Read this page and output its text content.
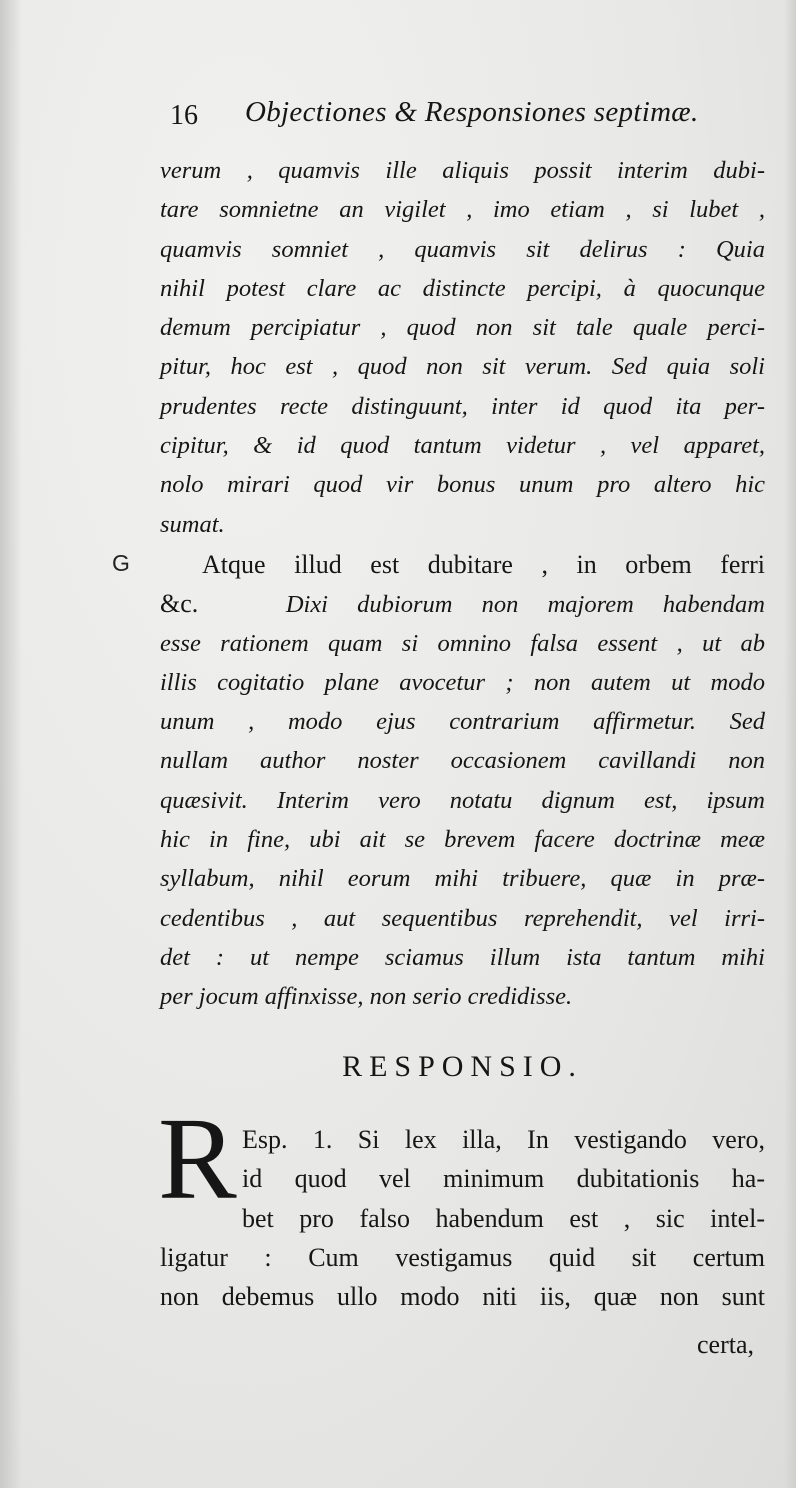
16 Objectiones & Responsiones septimæ.
verum , quamvis ille aliquis possit interim dubi-
tare somnietne an vigilet , imo etiam , si lubet ,
quamvis somniet , quamvis sit delirus : Quia
nihil potest clare ac distincte percipi, à quocunque
demum percipiatur , quod non sit tale quale perci-
pitur, hoc est , quod non sit verum. Sed quia soli
prudentes recte distinguunt, inter id quod ita per-
cipitur, & id quod tantum videtur , vel apparet,
nolo mirari quod vir bonus unum pro altero hic
sumat.
G	Atque illud est dubitare , in orbem ferri
&c.	Dixi dubiorum non majorem habendam
esse rationem quam si omnino falsa essent , ut ab
illis cogitatio plane avocetur ; non autem ut modo
unum , modo ejus contrarium affirmetur. Sed
nullam author noster occasionem cavillandi non
quæsivit. Interim vero notatu dignum est, ipsum
hic in fine, ubi ait se brevem facere doctrinæ meæ
syllabum, nihil eorum mihi tribuere, quæ in præ-
cedentibus , aut sequentibus reprehendit, vel irri-
det : ut nempe sciamus illum ista tantum mihi
per jocum affinxisse, non serio credidisse.
RESPONSIO.
R Esp. 1. Si lex illa, In vestigando vero,
id quod vel minimum dubitationis ha-
bet pro falso habendum est , sic intel-
ligatur : Cum vestigamus quid sit certum
non debemus ullo modo niti iis, quæ non sunt
certa,
